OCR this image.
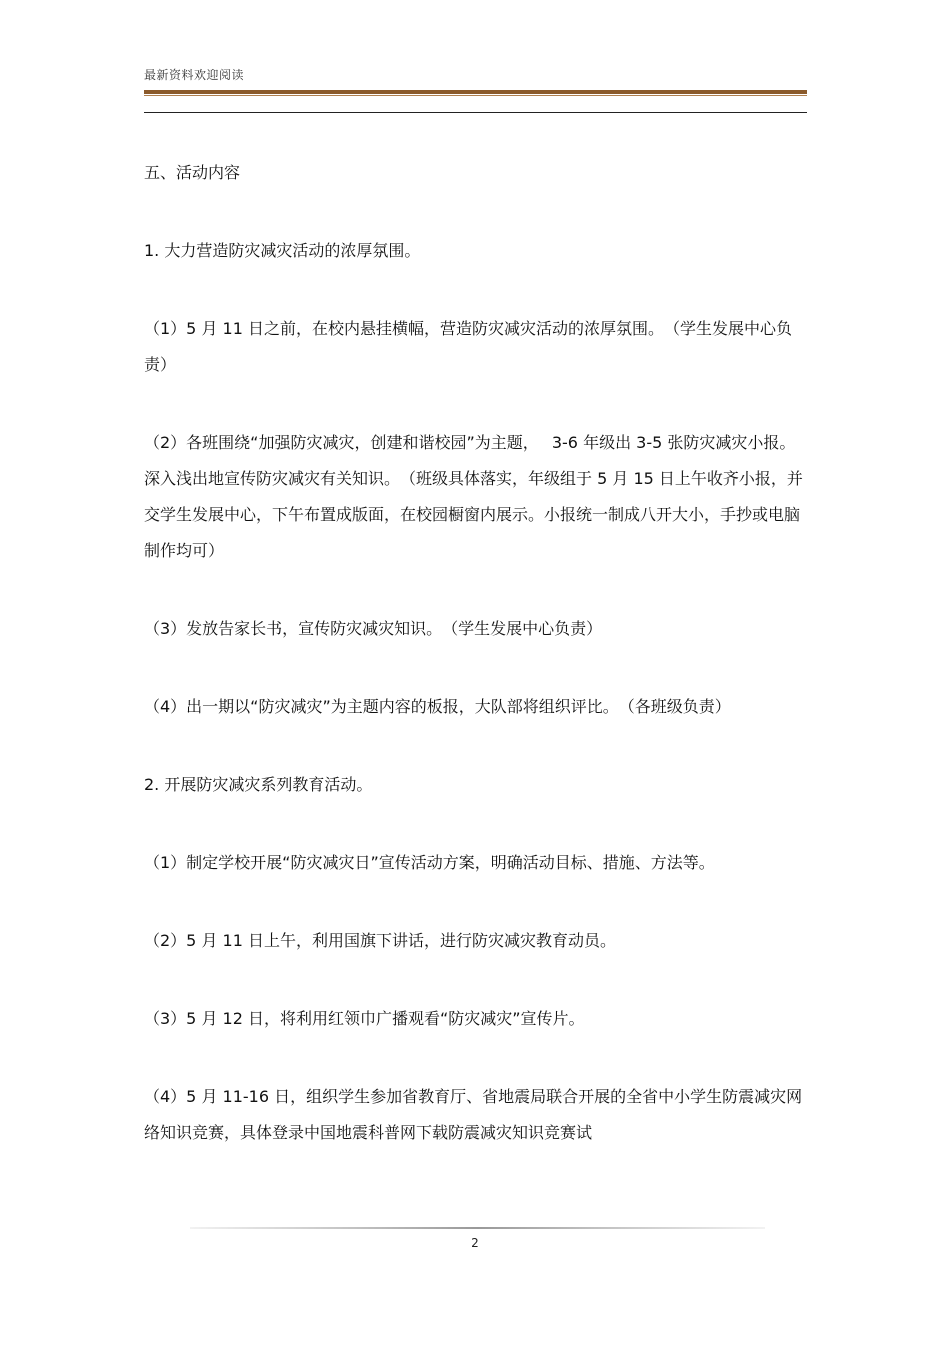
最新资料欢迎阅读

五、活动内容

1. 大力营造防灾减灾活动的浓厚氛围。

（1）5 月 11 日之前，在校内悬挂横幅，营造防灾减灾活动的浓厚氛围。　（学生发展中心负责）

（2）各班围绕“加强防灾减灾，创建和谐校园”为主题，　 3-6 年级出 3-5 张防灾减灾小报。深入浅出地宣传防灾减灾有关知识。　（班级具体落实，年级组于 5 月 15 日上午收齐小报，并交学生发展中心，下午布置成版面，在校园橱窗内展示。小报统一制成八开大小，手抄或电脑制作均可）

（3）发放告家长书，宣传防灾减灾知识。　（学生发展中心负责）

（4）出一期以“防灾减灾”为主题内容的板报，大队部将组织评比。　（各班级负责）

2. 开展防灾减灾系列教育活动。

（1）制定学校开展“防灾减灾日”宣传活动方案，明确活动目标、措施、方法等。

（2）5 月 11 日上午，利用国旗下讲话，进行防灾减灾教育动员。

（3）5 月 12 日，将利用红领巾广播观看“防灾减灾”宣传片。

（4）5 月 11-16 日，组织学生参加省教育厅、省地震局联合开展的全省中小学生防震减灾网络知识竞赛，具体登录中国地震科普网下载防震减灾知识竞赛试

2
